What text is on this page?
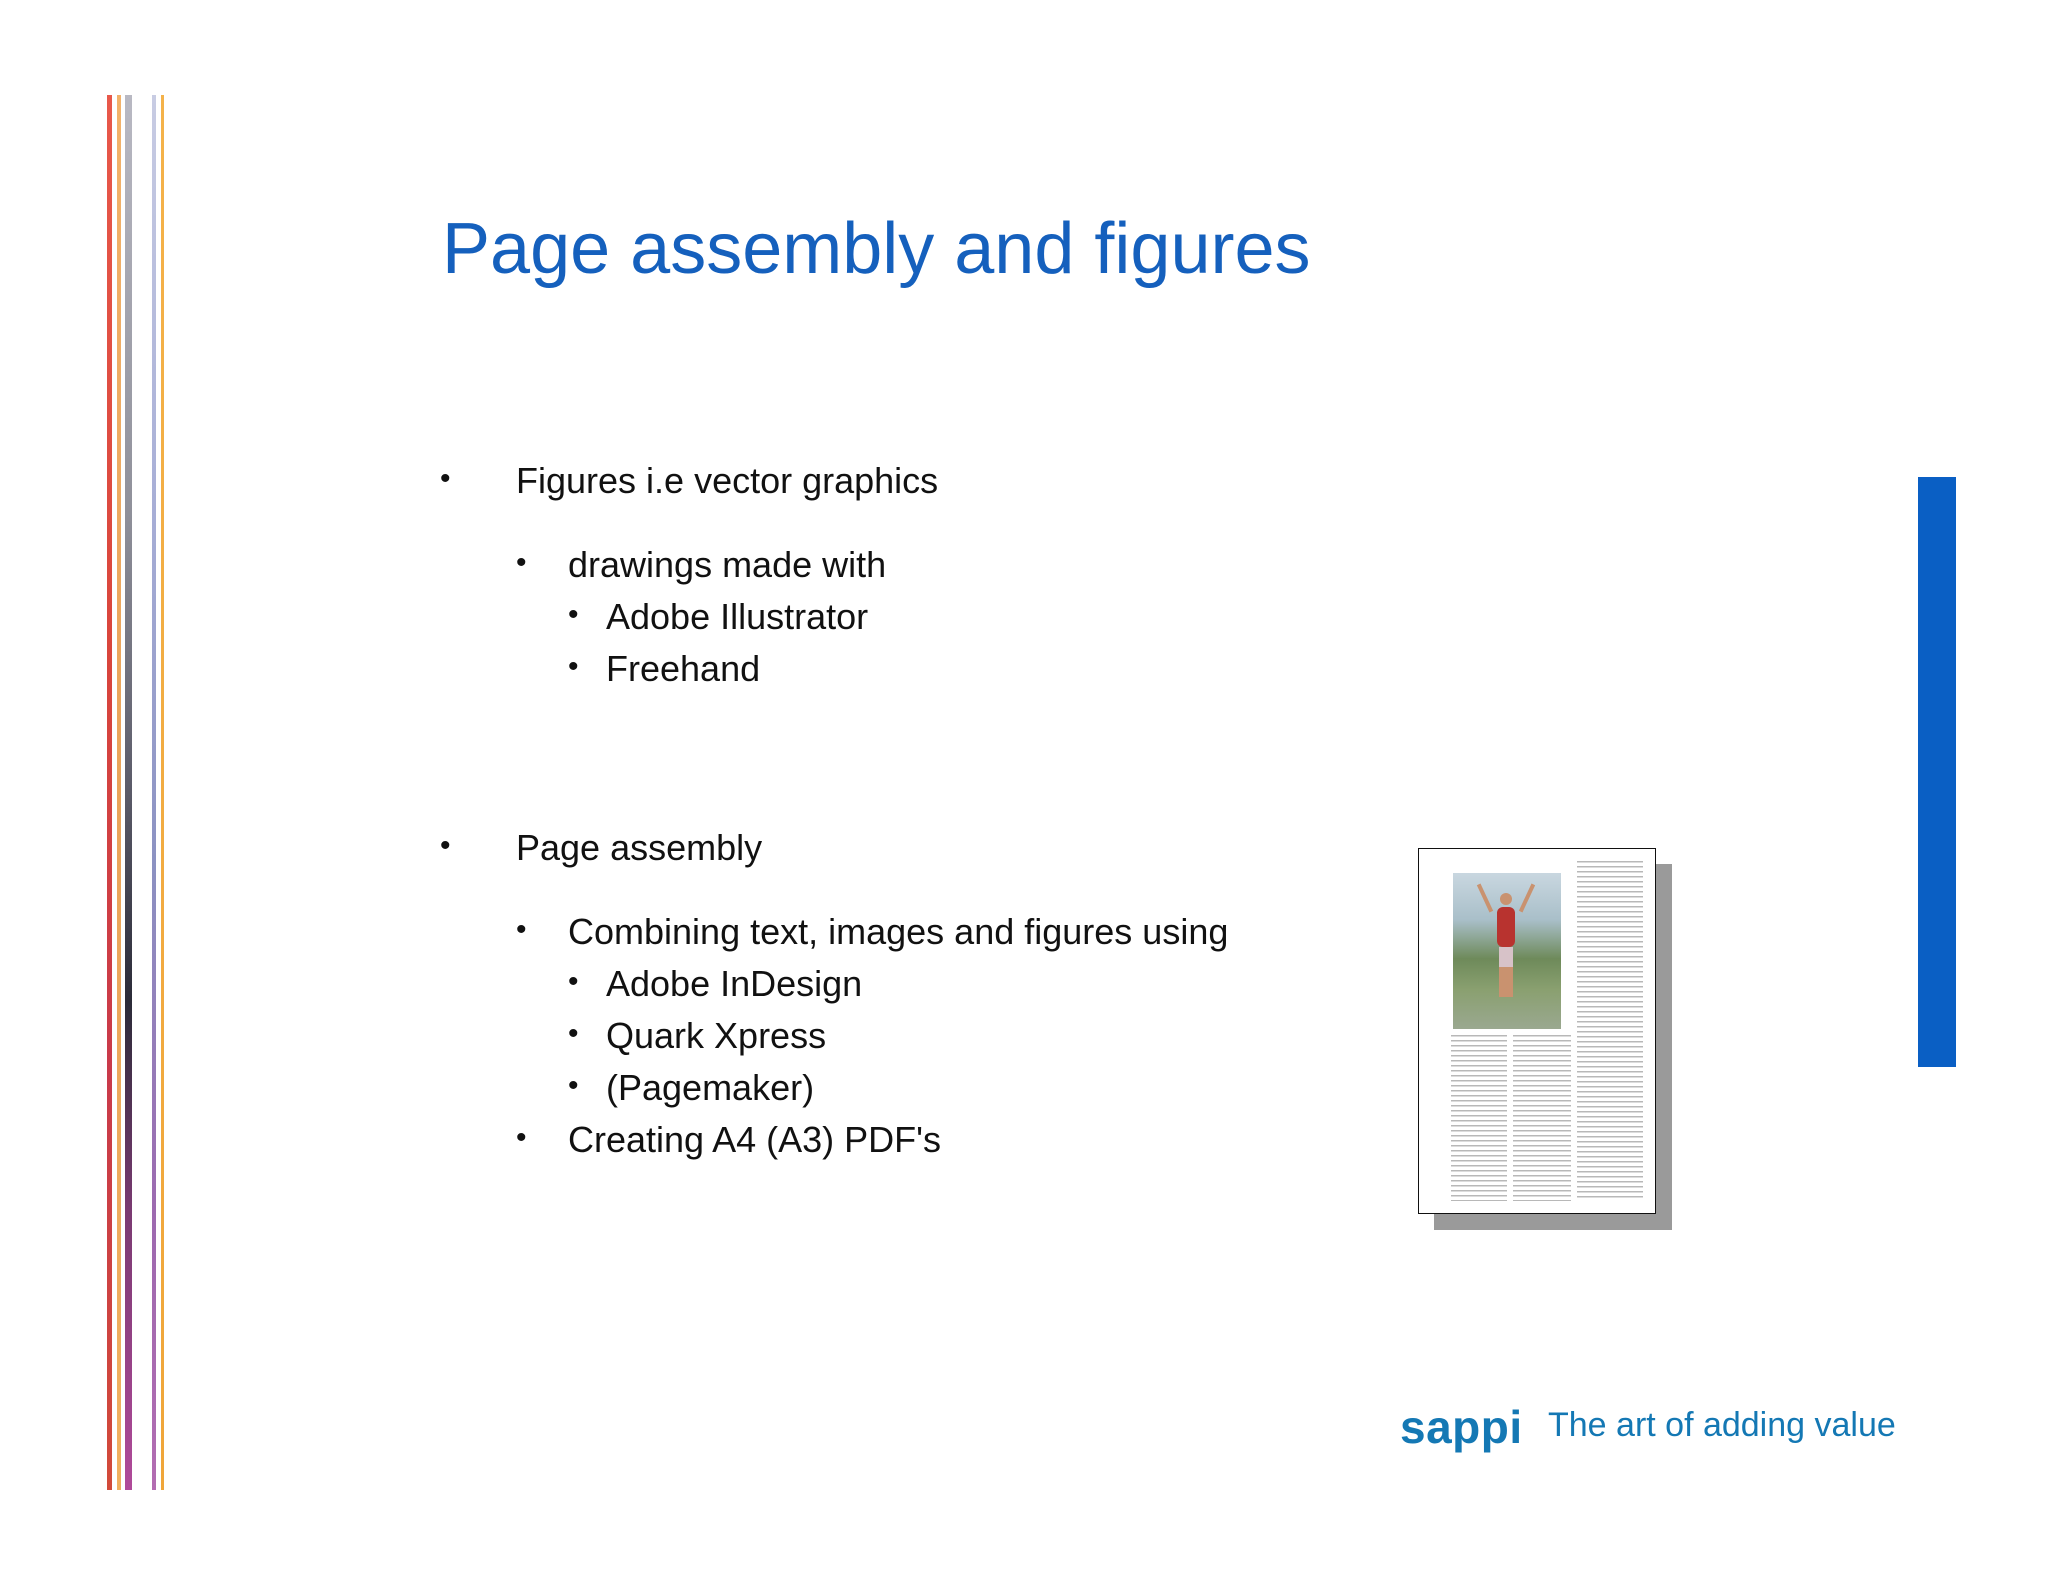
Page assembly and figures
• Figures i.e vector graphics
• drawings made with
• Adobe Illustrator
• Freehand
• Page assembly
• Combining text, images and figures using
• Adobe InDesign
• Quark Xpress
• (Pagemaker)
• Creating A4 (A3) PDF's
sappi The art of adding value
